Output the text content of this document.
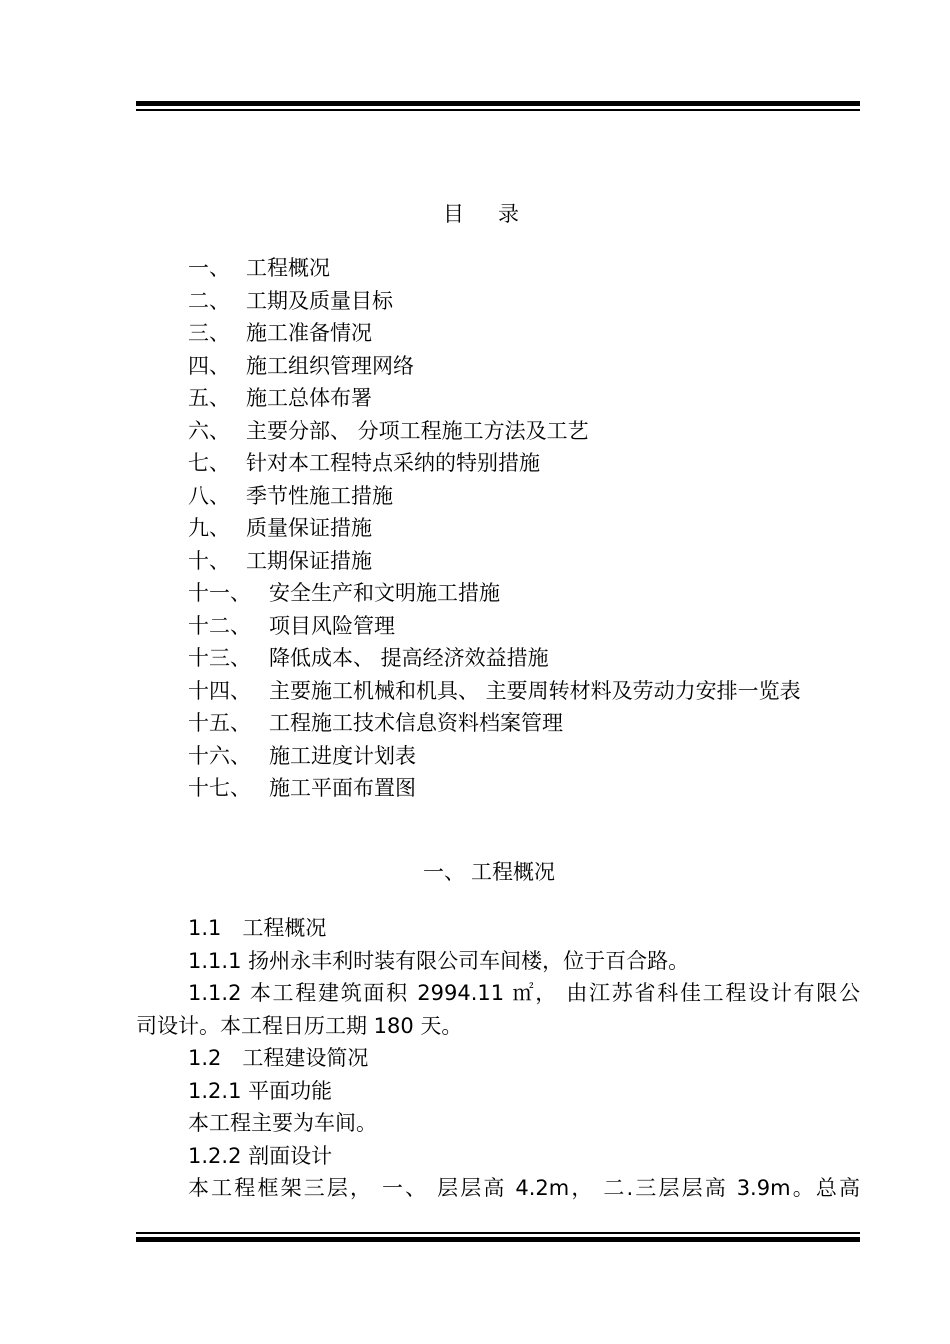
目录
一、 工程概况
二、 工期及质量目标
三、 施工准备情况
四、 施工组织管理网络
五、 施工总体布署
六、 主要分部、 分项工程施工方法及工艺
七、 针对本工程特点采纳的特别措施
八、 季节性施工措施
九、 质量保证措施
十、 工期保证措施
十一、 安全生产和文明施工措施
十二、 项目风险管理
十三、 降低成本、 提高经济效益措施
十四、 主要施工机械和机具、 主要周转材料及劳动力安排一览表
十五、 工程施工技术信息资料档案管理
十六、 施工进度计划表
十七、 施工平面布置图
一、 工程概况
1.1　工程概况
1.1.1 扬州永丰利时装有限公司车间楼，位于百合路。
1.1.2 本工程建筑面积 2994.11 ㎡， 由江苏省科佳工程设计有限公
司设计。本工程日历工期 180 天。
1.2　工程建设简况
1.2.1 平面功能
本工程主要为车间。
1.2.2 剖面设计
本工程框架三层， 一、 层层高 4.2m， 二.三层层高 3.9m。总高
